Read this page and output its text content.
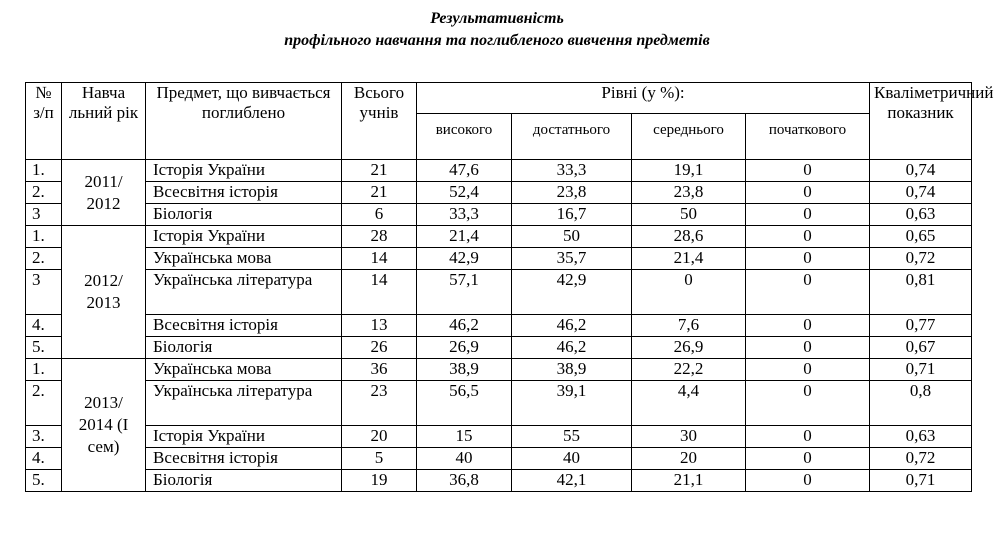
Результативність
профільного навчання та поглибленого вивчення предметів
№ з/п	Навча льний рік	Предмет, що вивчається поглиблено	Всього учнів	Рівні (у %):				Кваліметричний показник
				високого	достатнього	середнього	початкового	
1.	2011/ 2012	Історія України	21	47,6	33,3	19,1	0	0,74
2.		Всесвітня історія	21	52,4	23,8	23,8	0	0,74
3		Біологія	6	33,3	16,7	50	0	0,63
1.	2012/ 2013	Історія України	28	21,4	50	28,6	0	0,65
2.		Українська мова	14	42,9	35,7	21,4	0	0,72
3		Українська література	14	57,1	42,9	0	0	0,81
4.		Всесвітня історія	13	46,2	46,2	7,6	0	0,77
5.		Біологія	26	26,9	46,2	26,9	0	0,67
1.	2013/ 2014 (І сем)	Українська мова	36	38,9	38,9	22,2	0	0,71
2.		Українська література	23	56,5	39,1	4,4	0	0,8
3.		Історія України	20	15	55	30	0	0,63
4.		Всесвітня історія	5	40	40	20	0	0,72
5.		Біологія	19	36,8	42,1	21,1	0	0,71
